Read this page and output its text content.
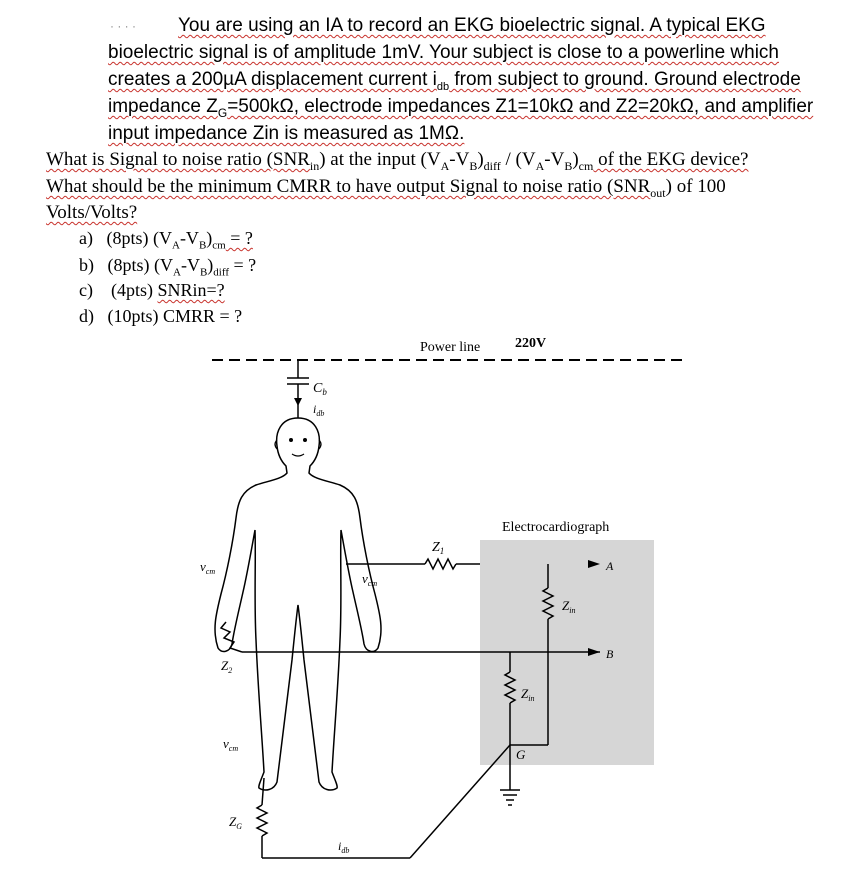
You are using an IA to record an EKG bioelectric signal. A typical EKG
bioelectric signal is of amplitude 1mV. Your subject is close to a powerline which
creates a 200µA displacement current $i_{db}$ from subject to ground. Ground electrode
impedance $Z_G=500k\Omega$, electrode impedances Z1=10kΩ and Z2=20kΩ, and amplifier
input impedance Zin is measured as 1MΩ.
What is Signal to noise ratio $(SNR_{in})$ at the input $(V_A-V_B)_{diff} / (V_A-V_B)_{cm}$ of the EKG device?
What should be the minimum CMRR to have output Signal to noise ratio $(SNR_{out})$ of 100
Volts/Volts?
a) (8pts) $(V_A-V_B)_{cm}$ = ?
b) (8pts) $(V_A-V_B)_{diff}$ = ?
c) (4pts) SNRin=?
d) (10pts) CMRR = ?
Power line 220V
$C_b$
$i_{db}$
$Z_1$
$v_{cm}$
Electrocardiograph
A
$Z_{in}$
B
$Z_{in}$
G
$v_{cm}$
$Z_2$
$v_{cm}$
$Z_G$
$i_{db}$
· · · ·
